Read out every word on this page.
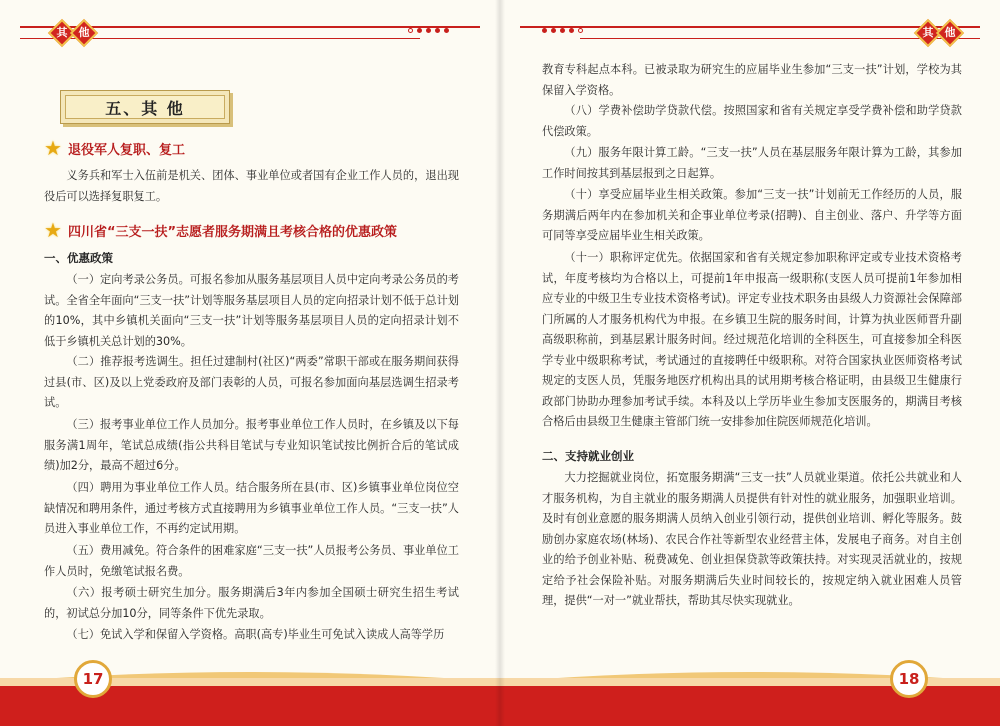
其	他
五、其 他
★ 退役军人复职、复工
义务兵和军士入伍前是机关、团体、事业单位或者国有企业工作人员的，退出现役后可以选择复职复工。
★ 四川省“三支一扶”志愿者服务期满且考核合格的优惠政策
一、优惠政策
（一）定向考录公务员。可报名参加从服务基层项目人员中定向考录公务员的考试。全省全年面向“三支一扶”计划等服务基层项目人员的定向招录计划不低于总计划的10%，其中乡镇机关面向“三支一扶”计划等服务基层项目人员的定向招录计划不低于乡镇机关总计划的30%。
（二）推荐报考选调生。担任过建制村(社区)“两委”常职干部或在服务期间获得过县(市、区)及以上党委政府及部门表彰的人员，可报名参加面向基层选调生招录考试。
（三）报考事业单位工作人员加分。报考事业单位工作人员时，在乡镇及以下每服务满1周年，笔试总成绩(指公共科目笔试与专业知识笔试按比例折合后的笔试成绩)加2分，最高不超过6分。
（四）聘用为事业单位工作人员。结合服务所在县(市、区)乡镇事业单位岗位空缺情况和聘用条件，通过考核方式直接聘用为乡镇事业单位工作人员。“三支一扶”人员进入事业单位工作，不再约定试用期。
（五）费用减免。符合条件的困难家庭“三支一扶”人员报考公务员、事业单位工作人员时，免缴笔试报名费。
（六）报考硕士研究生加分。服务期满后3年内参加全国硕士研究生招生考试的，初试总分加10分，同等条件下优先录取。
（七）免试入学和保留入学资格。高职(高专)毕业生可免试入读成人高等学历
17
其	他
教育专科起点本科。已被录取为研究生的应届毕业生参加“三支一扶”计划，学校为其保留入学资格。
（八）学费补偿助学贷款代偿。按照国家和省有关规定享受学费补偿和助学贷款代偿政策。
（九）服务年限计算工龄。“三支一扶”人员在基层服务年限计算为工龄，其参加工作时间按其到基层报到之日起算。
（十）享受应届毕业生相关政策。参加“三支一扶”计划前无工作经历的人员，服务期满后两年内在参加机关和企事业单位考录(招聘)、自主创业、落户、升学等方面可同等享受应届毕业生相关政策。
（十一）职称评定优先。依据国家和省有关规定参加职称评定或专业技术资格考试，年度考核均为合格以上，可提前1年申报高一级职称(支医人员可提前1年参加相应专业的中级卫生专业技术资格考试)。评定专业技术职务由县级人力资源社会保障部门所属的人才服务机构代为申报。在乡镇卫生院的服务时间，计算为执业医师晋升副高级职称前，到基层累计服务时间。经过规范化培训的全科医生，可直接参加全科医学专业中级职称考试，考试通过的直接聘任中级职称。对符合国家执业医师资格考试规定的支医人员，凭服务地医疗机构出具的试用期考核合格证明，由县级卫生健康行政部门协助办理参加考试手续。本科及以上学历毕业生参加支医服务的，期满目考核合格后由县级卫生健康主管部门统一安排参加住院医师规范化培训。
二、支持就业创业
大力挖掘就业岗位，拓宽服务期满“三支一扶”人员就业渠道。依托公共就业和人才服务机构，为自主就业的服务期满人员提供有针对性的就业服务，加强职业培训。及时有创业意愿的服务期满人员纳入创业引领行动，提供创业培训、孵化等服务。鼓励创办家庭农场(林场)、农民合作社等新型农业经营主体，发展电子商务。对自主创业的给予创业补贴、税费减免、创业担保贷款等政策扶持。对实现灵活就业的，按规定给予社会保险补贴。对服务期满后失业时间较长的，按规定纳入就业困难人员管理，提供“一对一”就业帮扶，帮助其尽快实现就业。
18
